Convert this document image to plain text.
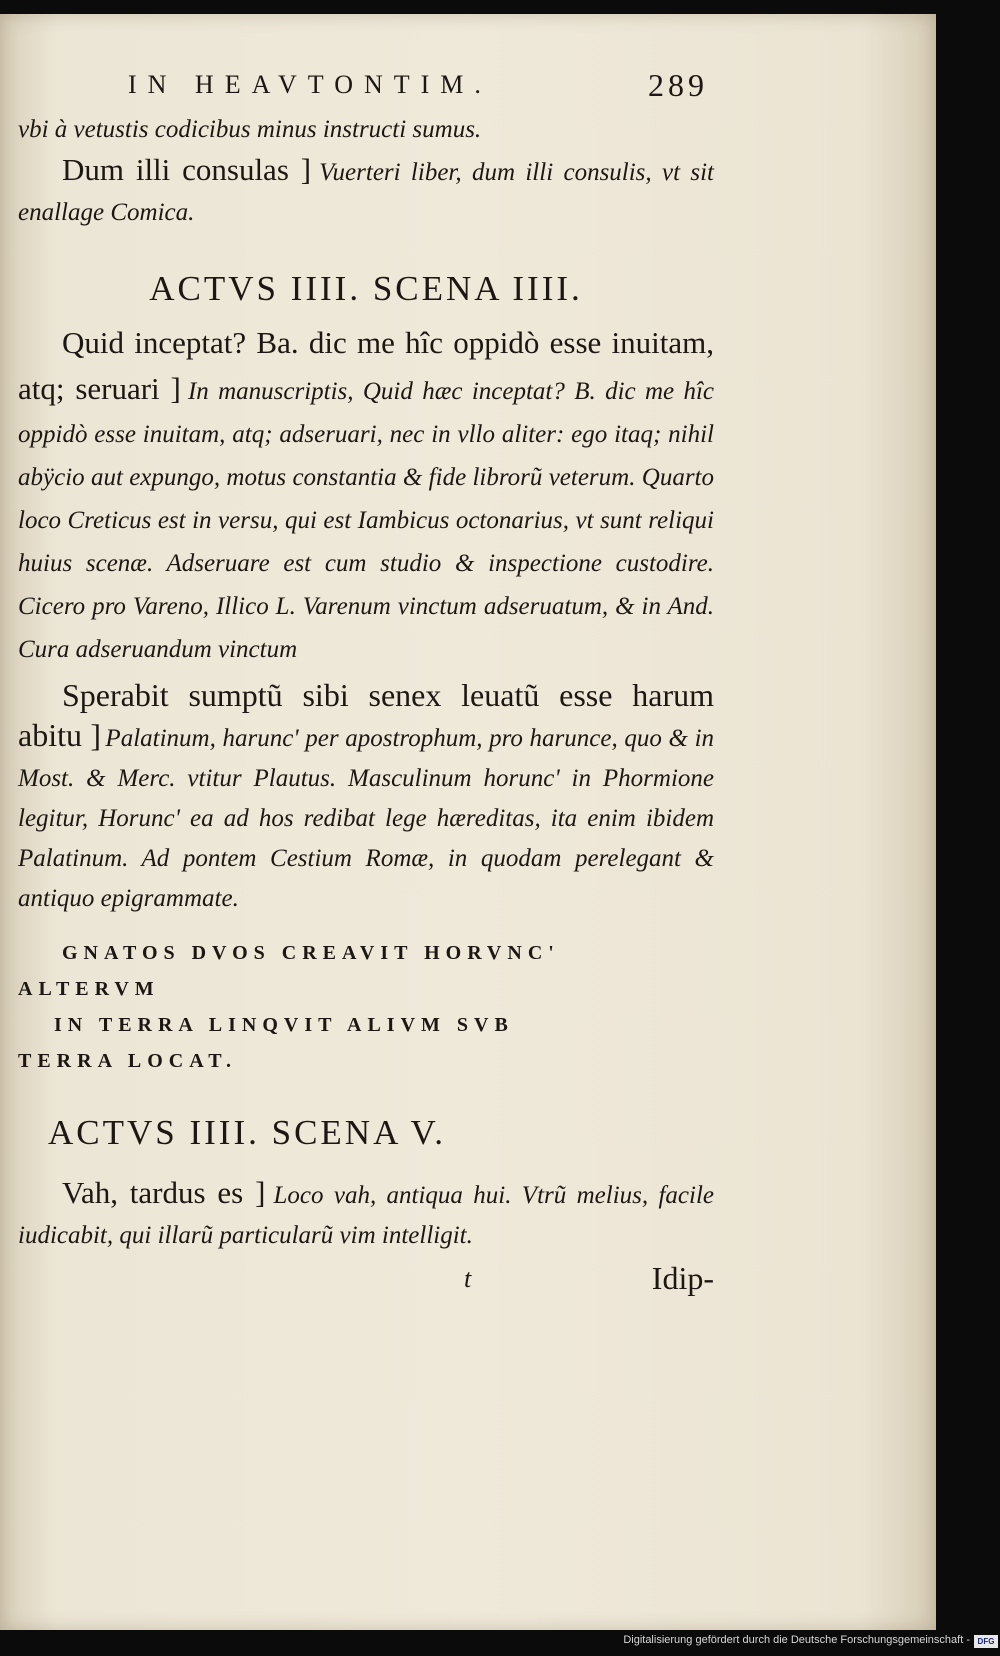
IN HEAVTONTIM.	289

vbi à vetustis codicibus minus instructi sumus.

Dum illi consulas ] Vuerteri liber, dum illi consulis, vt sit enallage Comica.

ACTVS IIII. SCENA IIII.

Quid inceptat? Ba. dic me hîc oppidò esse inuitam, atq; seruari ] In manuscriptis, Quid hæc inceptat? B. dic me hîc oppidò esse inuitam, atq; adseruari, nec in vllo aliter: ego itaq; nihil abÿcio aut expungo, motus constantia & fide librorũ veterum. Quarto loco Creticus est in versu, qui est Iambicus octonarius, vt sunt reliqui huius scenæ. Adseruare est cum studio & inspectione custodire. Cicero pro Vareno, Illico L. Varenum vinctum adseruatum, & in And. Cura adseruandum vinctum

Sperabit sumptũ sibi senex leuatũ esse harum abitu ] Palatinum, harunc' per apostrophum, pro harunce, quo & in Most. & Merc. vtitur Plautus. Masculinum horunc' in Phormione legitur, Horunc' ea ad hos redibat lege hæreditas, ita enim ibidem Palatinum. Ad pontem Cestium Romæ, in quodam perelegant & antiquo epigrammate.

GNATOS DVOS CREAVIT HORVNC'
ALTERVM
IN TERRA LINQVIT ALIVM SVB
TERRA LOCAT.
ACTVS IIII. SCENA V.

Vah, tardus es ] Loco vah, antiqua hui. Vtrũ melius, facile iudicabit, qui illarũ particularũ vim intelligit.

t	Idip-
Digitalisierung gefördert durch die Deutsche Forschungsgemeinschaft - DFG
